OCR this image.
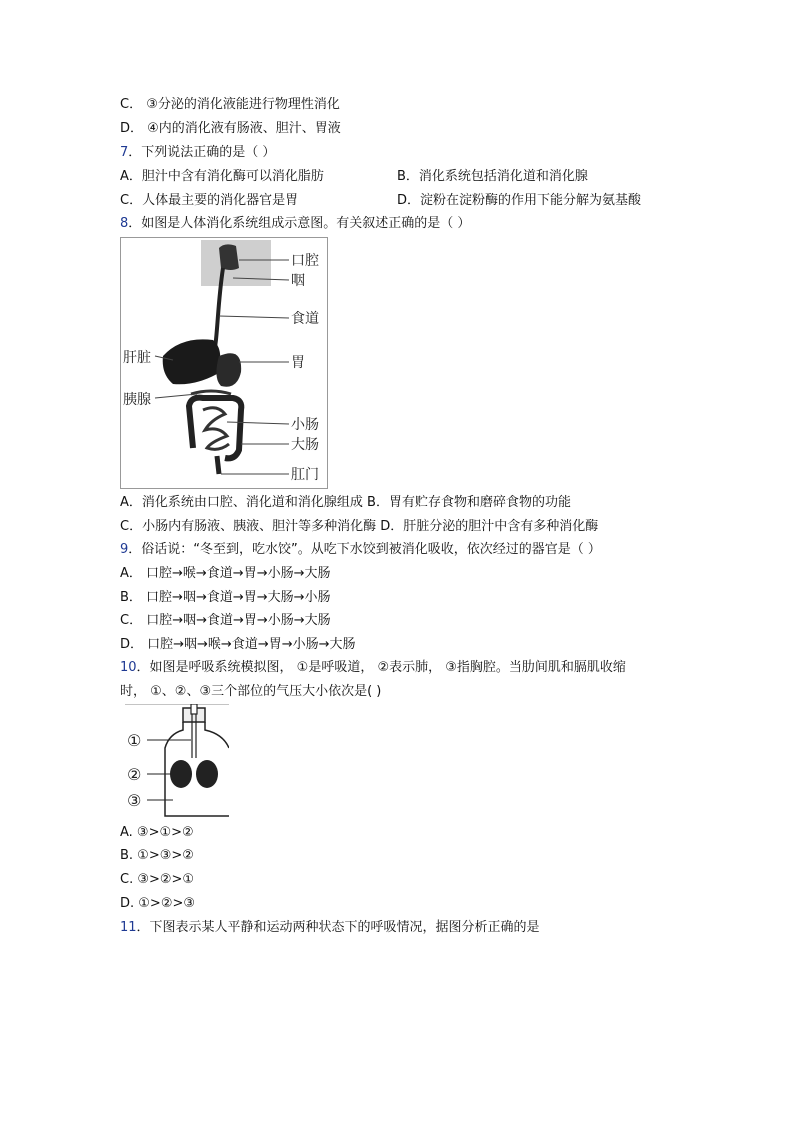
C． ③分泌的消化液能进行物理性消化
D． ④内的消化液有肠液、胆汁、胃液
7．下列说法正确的是（ ）
A．胆汁中含有消化酶可以消化脂肪	B．消化系统包括消化道和消化腺
C．人体最主要的消化器官是胃	D．淀粉在淀粉酶的作用下能分解为氨基酸
8．如图是人体消化系统组成示意图。有关叙述正确的是（ ）
口腔
咽
食道
肝脏	胃
胰腺
小肠
大肠
肛门
A．消化系统由口腔、消化道和消化腺组成 B．胃有贮存食物和磨碎食物的功能
C．小肠内有肠液、胰液、胆汁等多种消化酶 D．肝脏分泌的胆汁中含有多种消化酶
9．俗话说：“冬至到，吃水饺”。从吃下水饺到被消化吸收，依次经过的器官是（ ）
A． 口腔→喉→食道→胃→小肠→大肠
B． 口腔→咽→食道→胃→大肠→小肠
C． 口腔→咽→食道→胃→小肠→大肠
D． 口腔→咽→喉→食道→胃→小肠→大肠
10．如图是呼吸系统模拟图， ①是呼吸道， ②表示肺， ③指胸腔。当肋间肌和膈肌收缩
时， ①、②、③三个部位的气压大小依次是( )
①
②
③
A. ③>①>②
B. ①>③>②
C. ③>②>①
D. ①>②>③
11．下图表示某人平静和运动两种状态下的呼吸情况，据图分析正确的是
